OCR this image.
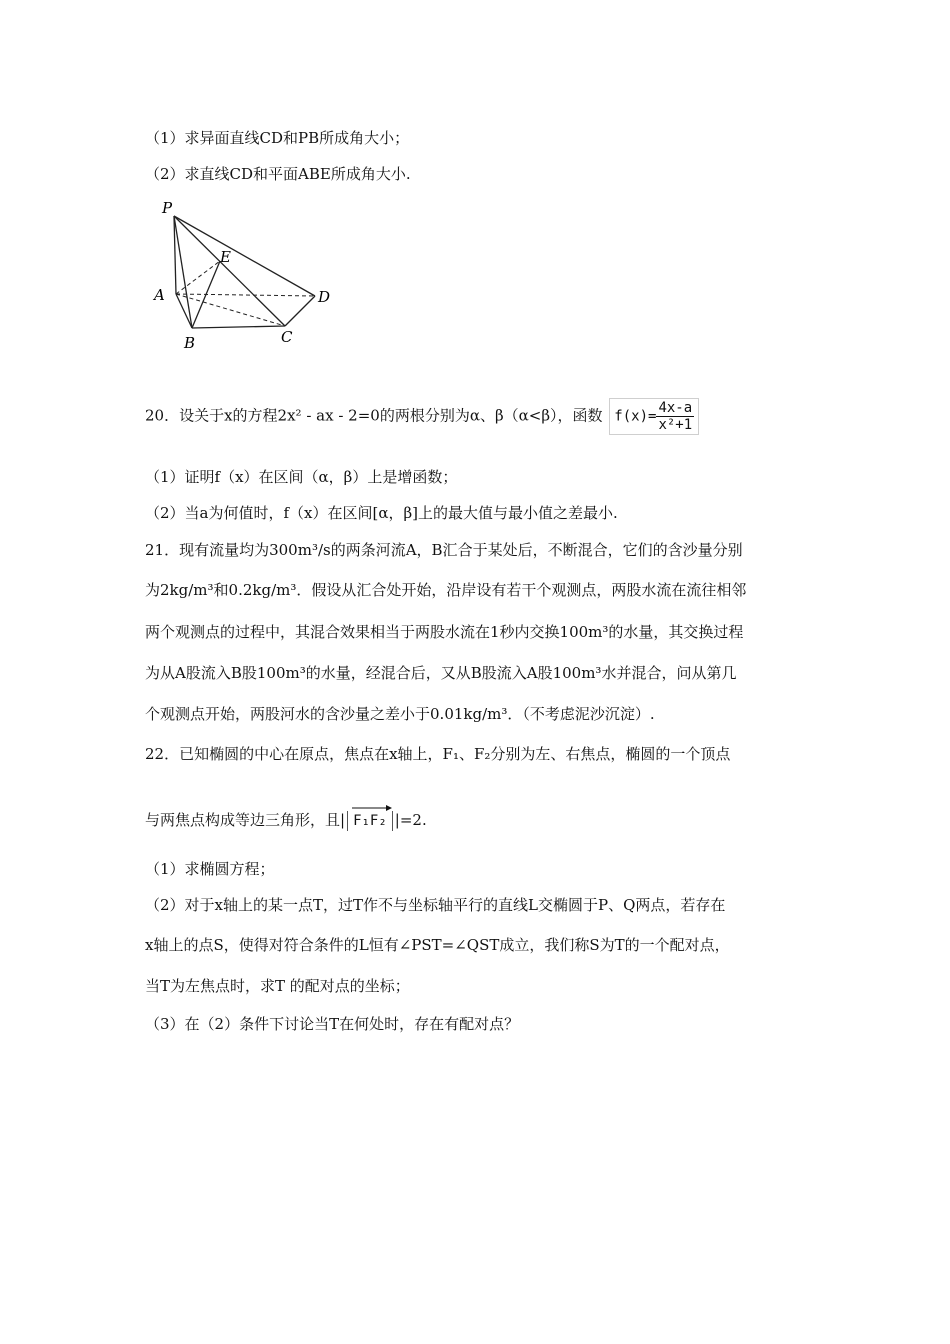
（1）求异面直线CD和PB所成角大小；
（2）求直线CD和平面ABE所成角大小.
P
E
A	D
B	C
20．设关于x的方程2x² - ax - 2=0的两根分别为α、β（α<β），函数 $f(x)= \frac{4x-a}{\text{x²+1}}$
（1）证明f（x）在区间（α，β）上是增函数；
（2）当a为何值时，f（x）在区间[α，β]上的最大值与最小值之差最小.
21．现有流量均为300m³/s的两条河流A，B汇合于某处后，不断混合，它们的含沙量分别
为2kg/m³和0.2kg/m³．假设从汇合处开始，沿岸设有若干个观测点，两股水流在流往相邻
两个观测点的过程中，其混合效果相当于两股水流在1秒内交换100m³的水量，其交换过程
为从A股流入B股100m³的水量，经混合后，又从B股流入A股100m³水并混合，问从第几
个观测点开始，两股河水的含沙量之差小于0.01kg/m³．（不考虑泥沙沉淀）.
22．已知椭圆的中心在原点，焦点在x轴上，F₁、F₂分别为左、右焦点，椭圆的一个顶点
与两焦点构成等边三角形，且| F₁F₂ |=2.
（1）求椭圆方程；
（2）对于x轴上的某一点T，过T作不与坐标轴平行的直线L交椭圆于P、Q两点，若存在
x轴上的点S，使得对符合条件的L恒有∠PST=∠QST成立，我们称S为T的一个配对点，
当T为左焦点时，求T 的配对点的坐标；
（3）在（2）条件下讨论当T在何处时，存在有配对点？
